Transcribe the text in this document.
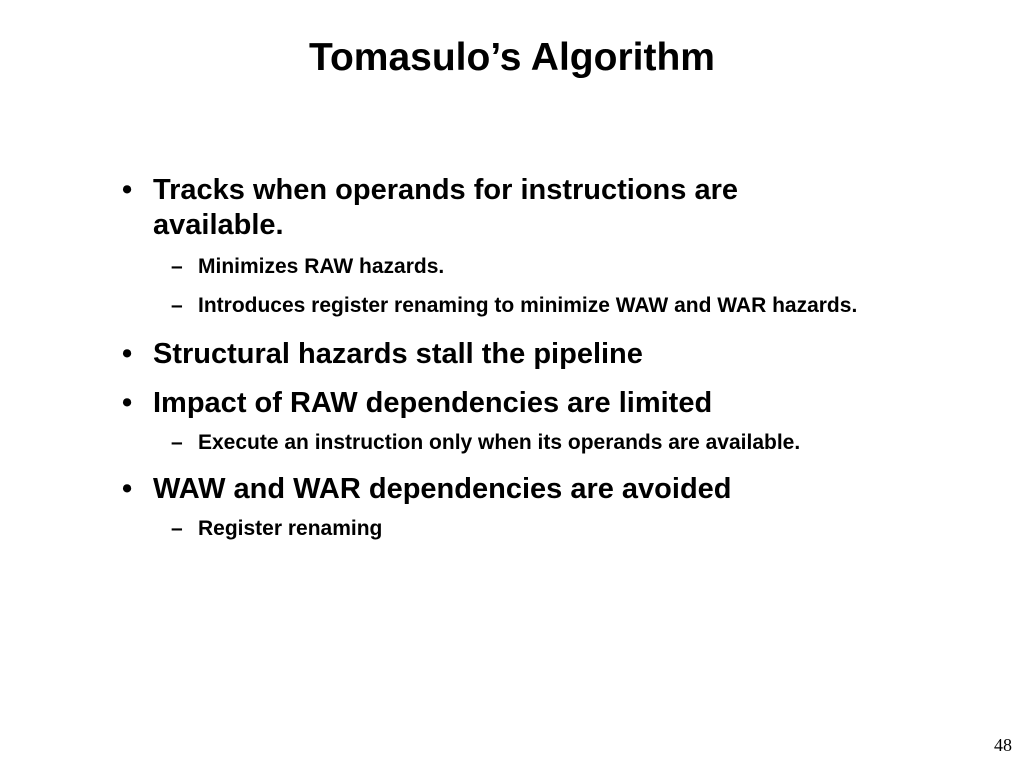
Tomasulo’s Algorithm
• Tracks when operands for instructions are available.
– Minimizes RAW hazards.
– Introduces register renaming to minimize WAW and WAR hazards.
• Structural hazards stall the pipeline
• Impact of RAW dependencies are limited
– Execute an instruction only when its operands are available.
• WAW and WAR dependencies are avoided
– Register renaming
48
